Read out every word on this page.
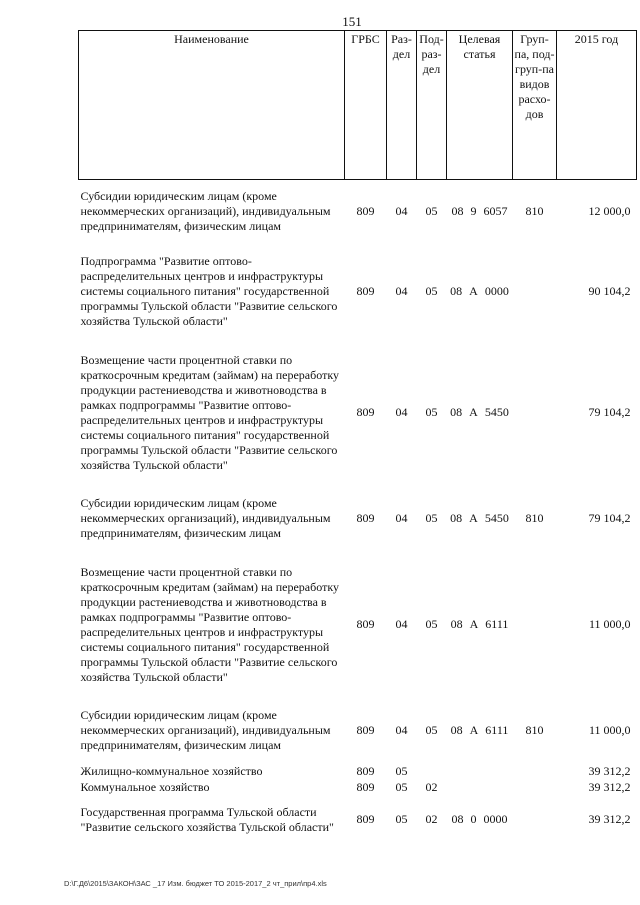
151
Наименование	ГРБС	Раз-дел	Под-раз-дел	Целевая статья	Груп-па, под-груп-па видов расхо-дов	2015 год
Субсидии юридическим лицам (кроме некоммерческих организаций), индивидуальным предпринимателям, физическим лицам	809	04	05	08 9 6057	810	12 000,0
Подпрограмма "Развитие оптово-распределительных центров и инфраструктуры системы социального питания" государственной программы Тульской области "Развитие сельского хозяйства Тульской области"	809	04	05	08 А 0000		90 104,2
Возмещение части процентной ставки по краткосрочным кредитам (займам) на переработку продукции растениеводства и животноводства в рамках подпрограммы "Развитие оптово-распределительных центров и инфраструктуры системы социального питания" государственной программы Тульской области "Развитие сельского хозяйства Тульской области"	809	04	05	08 А 5450		79 104,2
Субсидии юридическим лицам (кроме некоммерческих организаций), индивидуальным предпринимателям, физическим лицам	809	04	05	08 А 5450	810	79 104,2
Возмещение части процентной ставки по краткосрочным кредитам (займам) на переработку продукции растениеводства и животноводства в рамках подпрограммы "Развитие оптово-распределительных центров и инфраструктуры системы социального питания" государственной программы Тульской области "Развитие сельского хозяйства Тульской области"	809	04	05	08 А 6111		11 000,0
Субсидии юридическим лицам (кроме некоммерческих организаций), индивидуальным предпринимателям, физическим лицам	809	04	05	08 А 6111	810	11 000,0
Жилищно-коммунальное хозяйство	809	05				39 312,2
Коммунальное хозяйство	809	05	02			39 312,2
Государственная программа Тульской области "Развитие сельского хозяйства Тульской области"	809	05	02	08 0 0000		39 312,2
D:\Г.Д6\2015\ЗАКОН\ЗАС _17 Изм. бюджет ТО 2015-2017_2 чт_прил\пр4.xls
